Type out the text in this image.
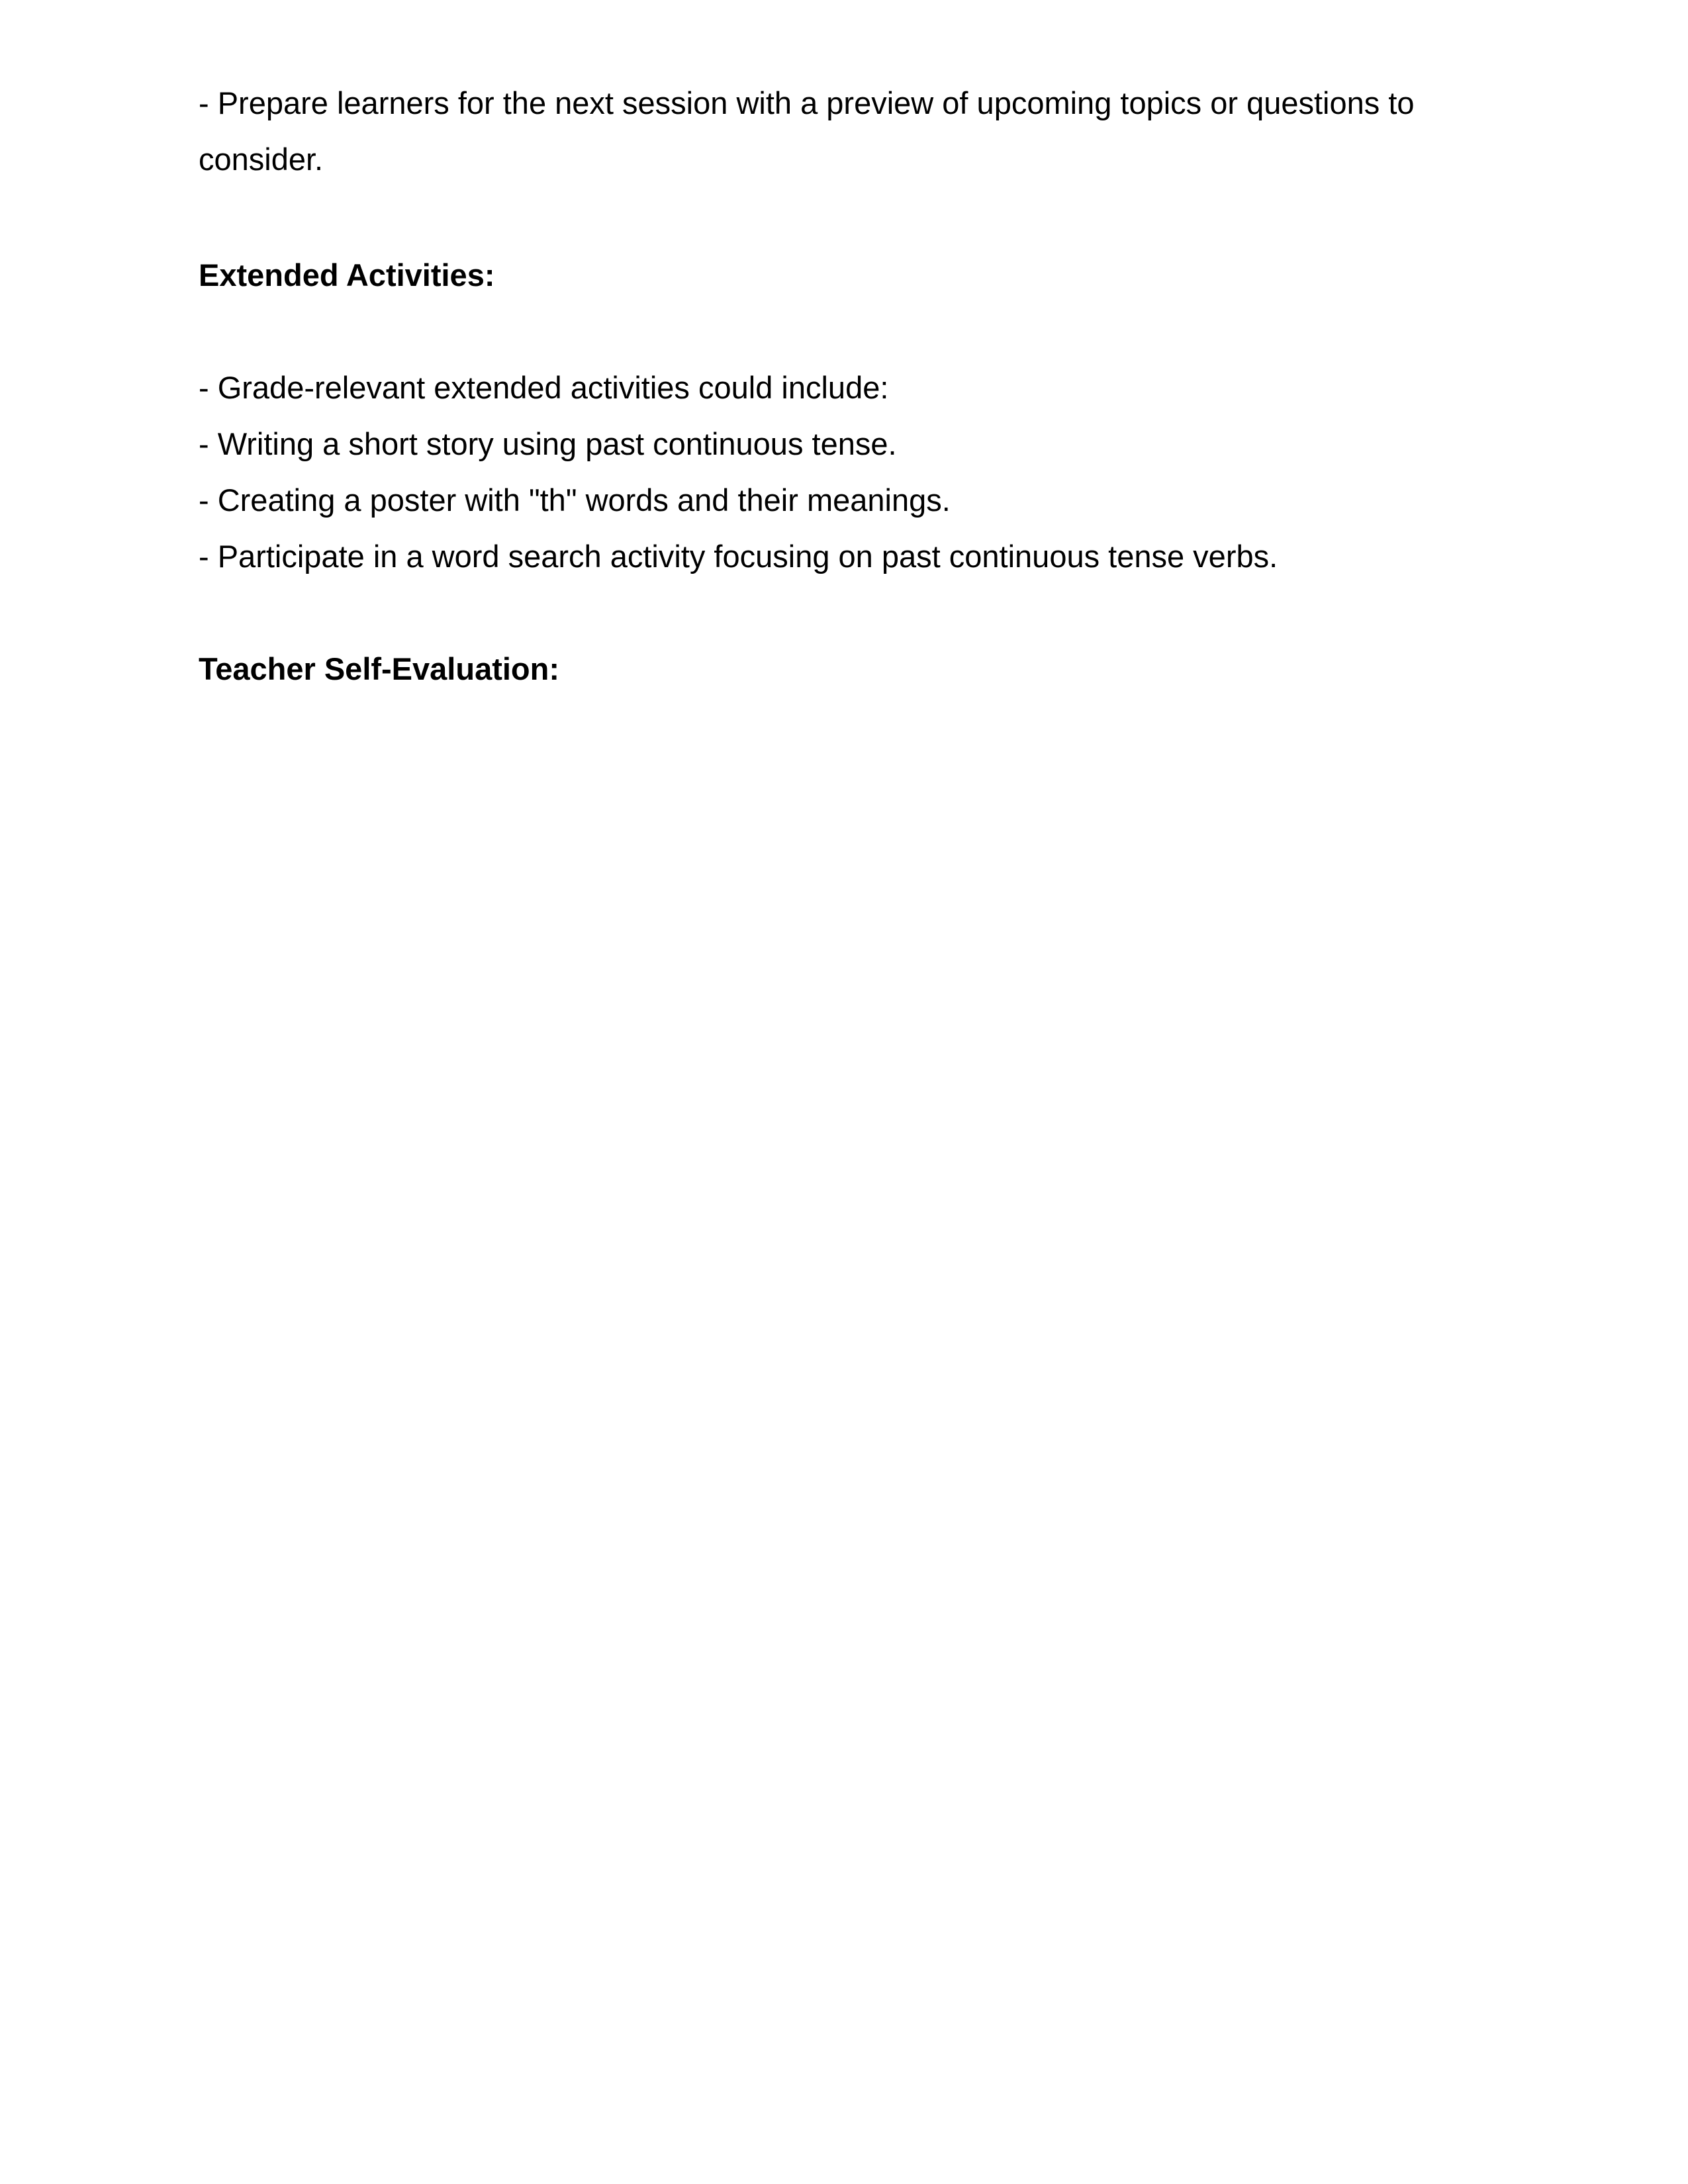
- Prepare learners for the next session with a preview of upcoming topics or questions to consider.

Extended Activities:

- Grade-relevant extended activities could include:

- Writing a short story using past continuous tense.

- Creating a poster with "th" words and their meanings.

- Participate in a word search activity focusing on past continuous tense verbs.

Teacher Self-Evaluation:
